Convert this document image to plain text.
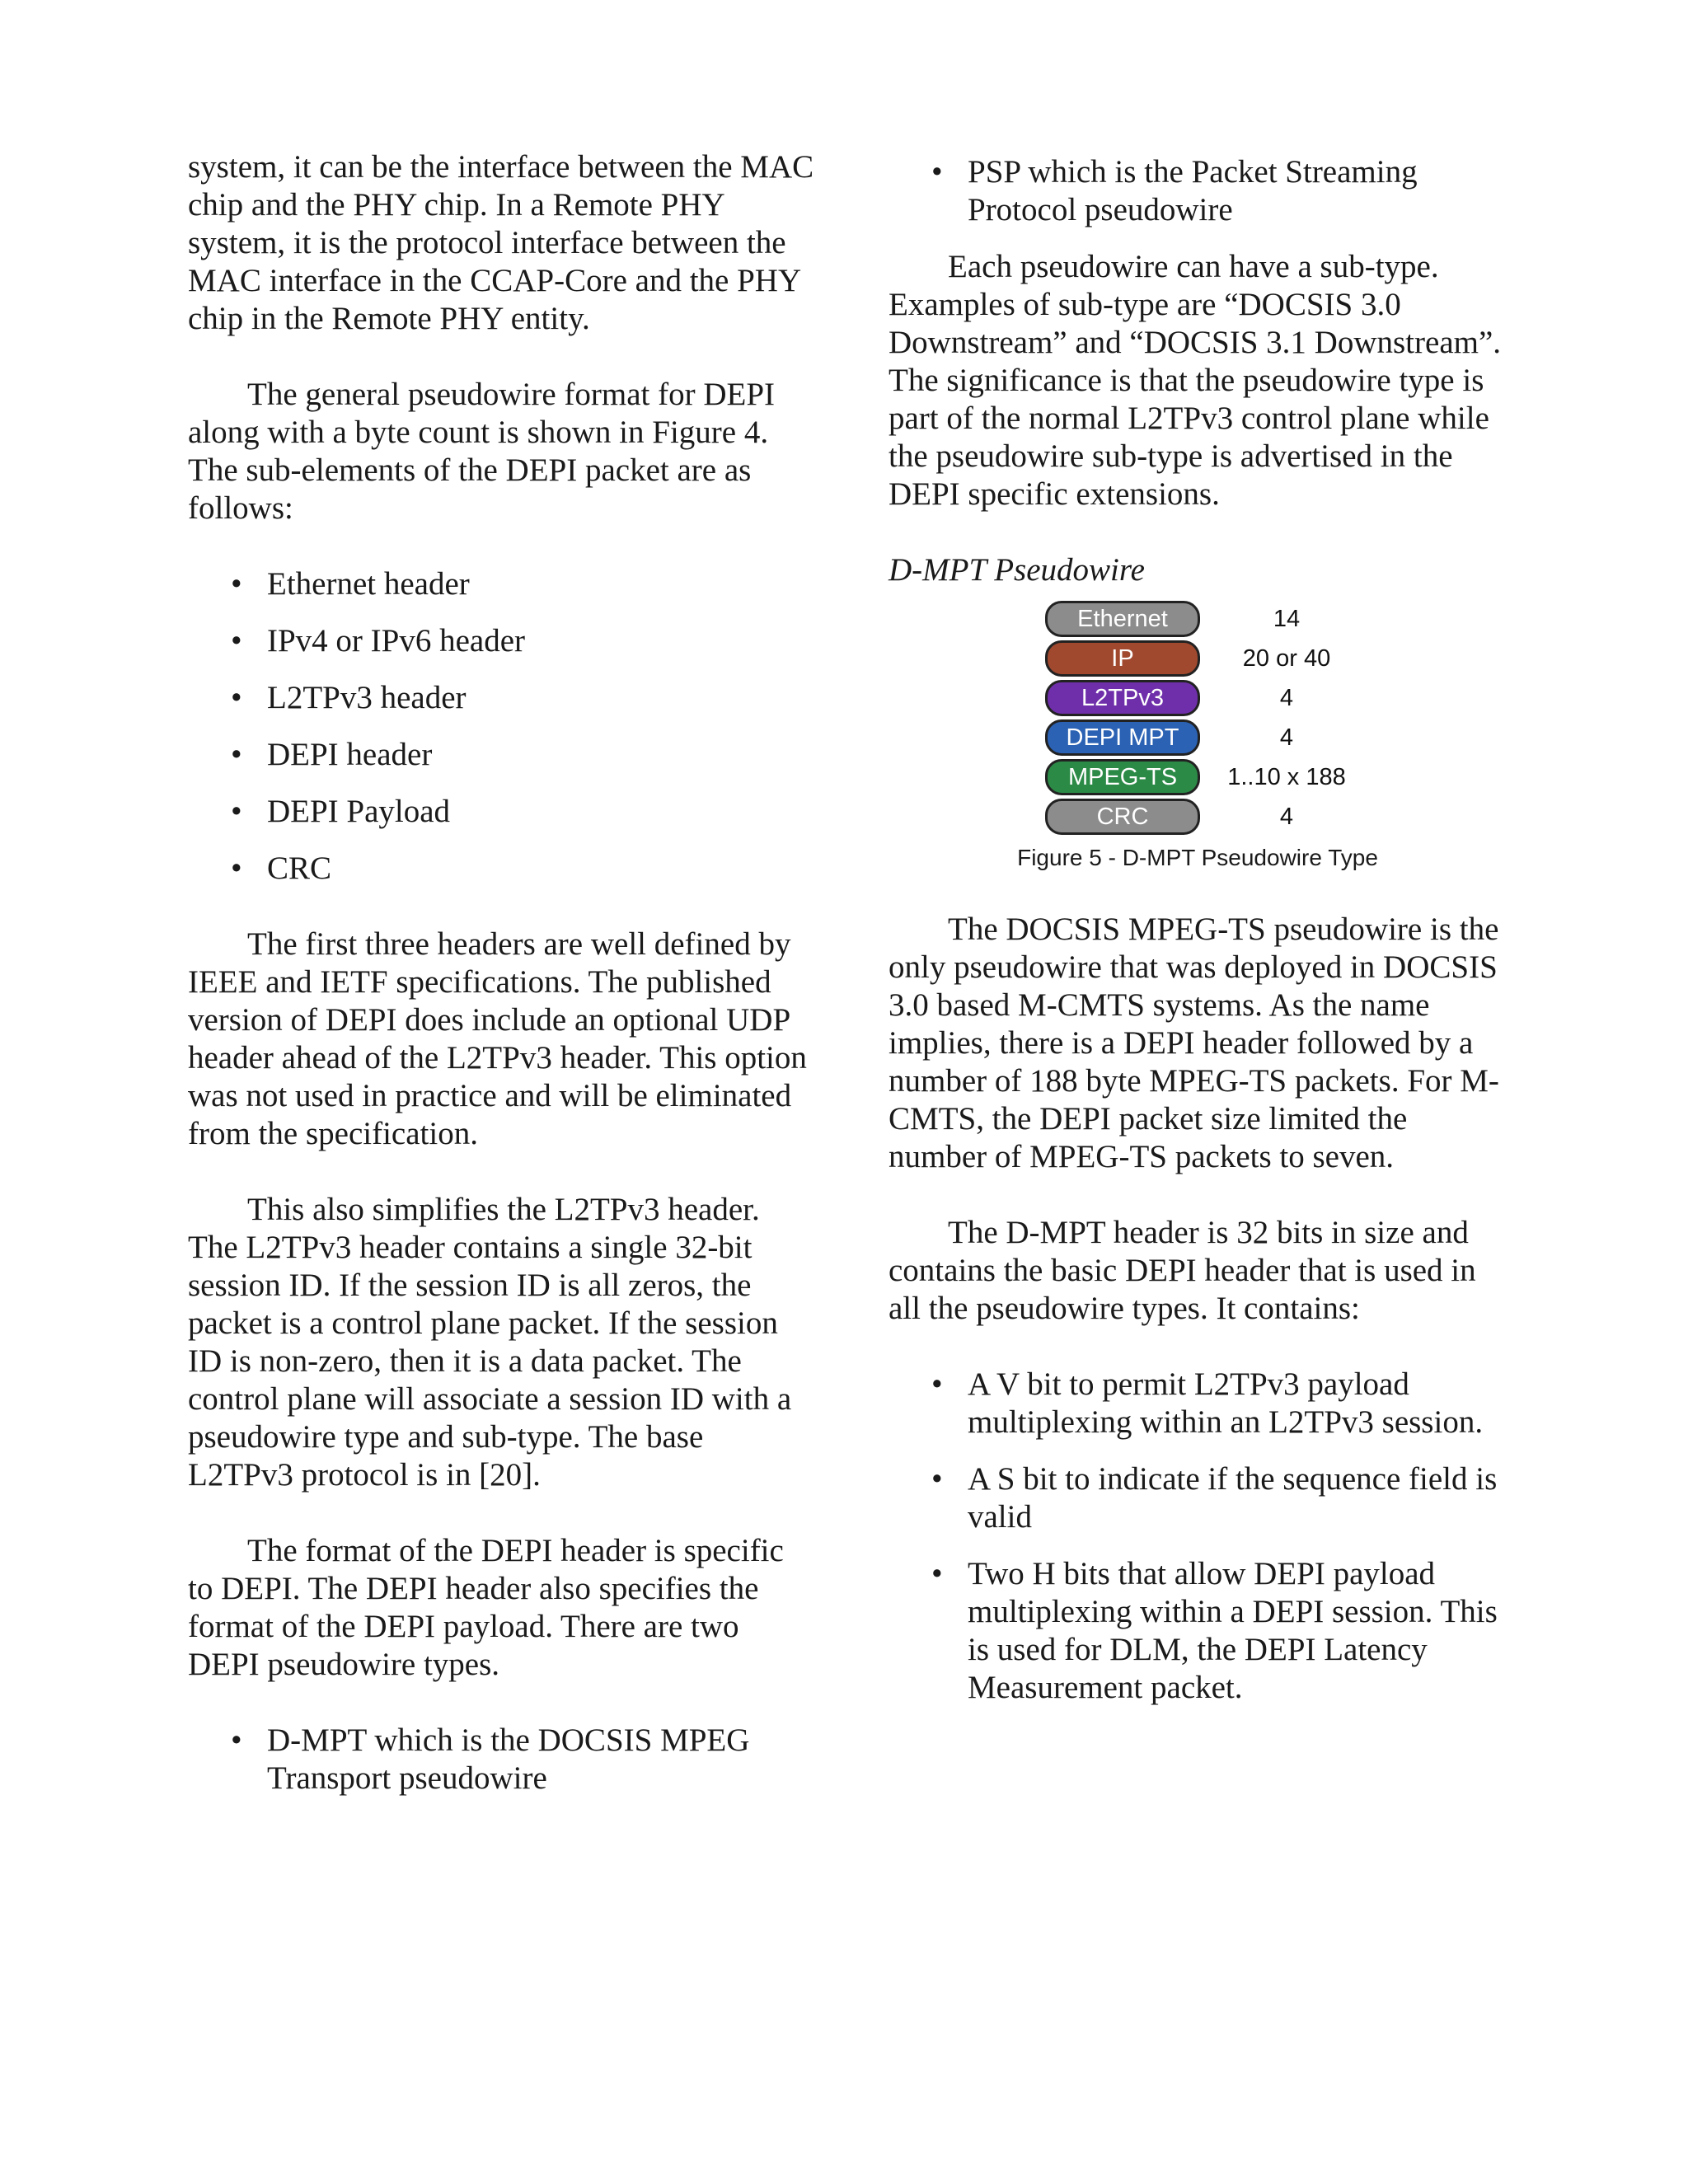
system, it can be the interface between the MAC chip and the PHY chip. In a Remote PHY system, it is the protocol interface between the MAC interface in the CCAP-Core and the PHY chip in the Remote PHY entity.

The general pseudowire format for DEPI along with a byte count is shown in Figure 4. The sub-elements of the DEPI packet are as follows:

• Ethernet header
• IPv4 or IPv6 header
• L2TPv3 header
• DEPI header
• DEPI Payload
• CRC

The first three headers are well defined by IEEE and IETF specifications. The published version of DEPI does include an optional UDP header ahead of the L2TPv3 header. This option was not used in practice and will be eliminated from the specification.

This also simplifies the L2TPv3 header. The L2TPv3 header contains a single 32-bit session ID. If the session ID is all zeros, the packet is a control plane packet. If the session ID is non-zero, then it is a data packet. The control plane will associate a session ID with a pseudowire type and sub-type. The base L2TPv3 protocol is in [20].

The format of the DEPI header is specific to DEPI. The DEPI header also specifies the format of the DEPI payload. There are two DEPI pseudowire types.

• D-MPT which is the DOCSIS MPEG Transport pseudowire
• PSP which is the Packet Streaming Protocol pseudowire

Each pseudowire can have a sub-type. Examples of sub-type are “DOCSIS 3.0 Downstream” and “DOCSIS 3.1 Downstream”. The significance is that the pseudowire type is part of the normal L2TPv3 control plane while the pseudowire sub-type is advertised in the DEPI specific extensions.

D-MPT Pseudowire
Ethernet	14
IP	20 or 40
L2TPv3	4
DEPI MPT	4
MPEG-TS 1..10 x 188
CRC	4
Figure 5 - D-MPT Pseudowire Type

The DOCSIS MPEG-TS pseudowire is the only pseudowire that was deployed in DOCSIS 3.0 based M-CMTS systems. As the name implies, there is a DEPI header followed by a number of 188 byte MPEG-TS packets. For M-CMTS, the DEPI packet size limited the number of MPEG-TS packets to seven.

The D-MPT header is 32 bits in size and contains the basic DEPI header that is used in all the pseudowire types. It contains:

• A V bit to permit L2TPv3 payload multiplexing within an L2TPv3 session.
• A S bit to indicate if the sequence field is valid
• Two H bits that allow DEPI payload multiplexing within a DEPI session. This is used for DLM, the DEPI Latency Measurement packet.
